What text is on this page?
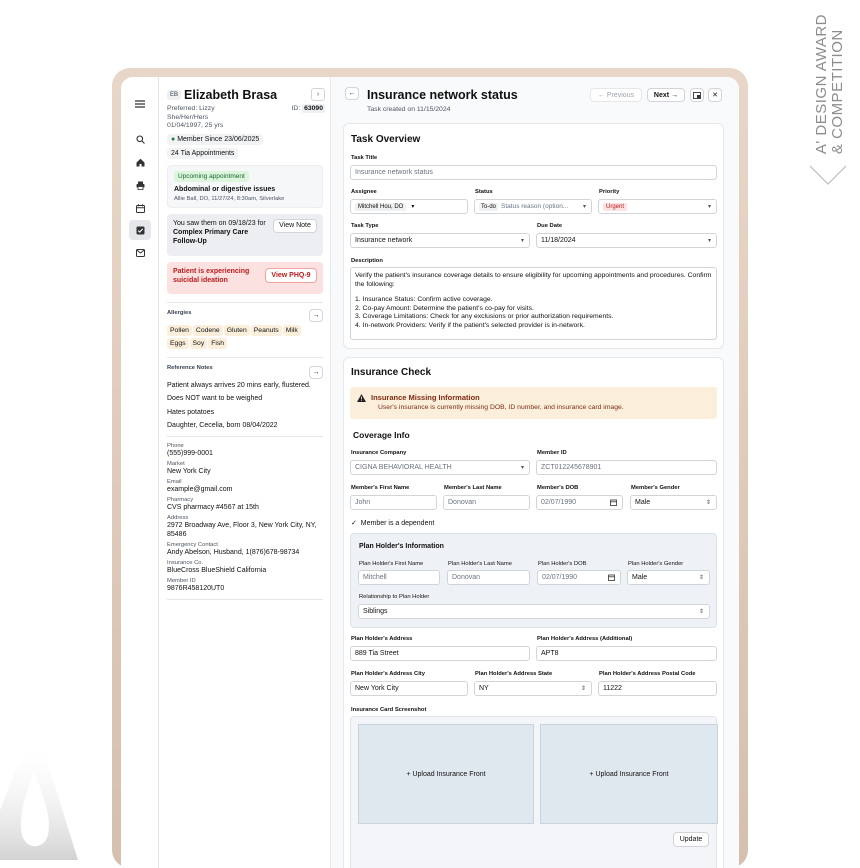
A' DESIGN AWARD & COMPETITION
EB Elizabeth Brasa	›
Preferred: Lizzy
She/Her/Hers
01/04/1997, 25 yrs
ID: 63090
● Member Since 23/06/2025
24 Tia Appointments
Upcoming appointment
Abdominal or digestive issues
Allie Ball, DO, 11/27/24, 8:30am, Silverlake
You saw them on 09/18/23 for
Complex Primary Care Follow-Up
View Note
Patient is experiencing suicidal ideation
View PHQ-9
Allergies	→
Pollen Codene Gluten Peanuts MilkEggs Soy Fish
Reference Notes
→
Patient always arrives 20 mins early, flustered.
Does NOT want to be weighed
Hates potatoes
Daughter, Cecelia, born 08/04/2022
Phone
(555)999-0001
Market
New York City
Email
example@gmail.com
Pharmacy
CVS pharmacy #4567 at 15th
Address
2972 Broadway Ave, Floor 3, New York City, NY, 85486
Emergency Contact
Andy Abelson, Husband, 1(876)678-98734
Insurance Co.
BlueCross BlueShield California
Member ID
9876R458120UT0
← Insurance network status
Task created on 11/15/2024
←
Previous	Next
→	✕
Task Overview
Task Title
Insurance network status
Assignee
Mitchell Hou, DO	▾
Status
To-do Status reason (option... ▾
Priority
Urgent	▾
Task Type
Insurance network	▾
Due Date
11/18/2024	▾
Description
Verify the patient's insurance coverage details to ensure eligibility for upcoming appointments and procedures. Confirm the following:
1. Insurance Status: Confirm active coverage.
2. Co-pay Amount: Determine the patient's co-pay for visits.
3. Coverage Limitations: Check for any exclusions or prior authorization requirements.
4. In-network Providers: Verify if the patient's selected provider is in-network.
Insurance Check
Insurance Missing Information
User's insurance is currently missing DOB, ID number, and insurance card image.
Coverage Info
Insurance Company
CIGNA BEHAVIORAL HEALTH	▾
Member ID
ZCT012245678901
Member's First Name
John
Member's Last Name
Donovan
Member's DOB
02/07/1990
Member's Gender
Male	⇕
✓ Member is a dependent
Plan Holder's Information
Plan Holder's First Name
Mitchell
Plan Holder's Last Name
Donovan
Plan Holder's DOB
02/07/1990
Plan Holder's Gender
Male	⇕
Relationship to Plan Holder
Siblings	⇕
Plan Holder's Address
889 Tia Street
Plan Holder's Address (Additional)
APT8
Plan Holder's Address City
New York City
Plan Holder's Address State
NY	⇕
Plan Holder's Address Postal Code
11222
Insurance Card Screenshot
+
Upload Insurance Front	+
Upload Insurance Front
Update
